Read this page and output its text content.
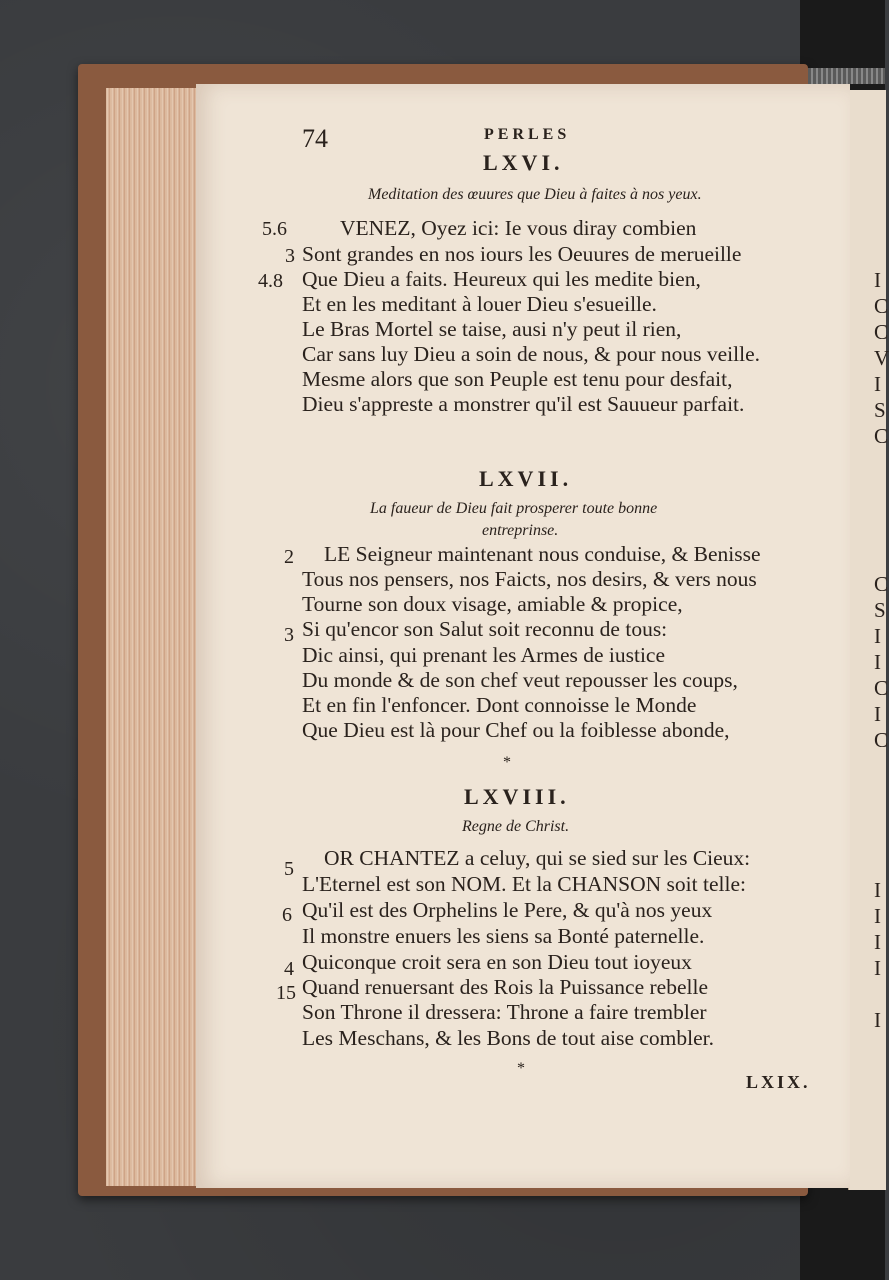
74	PERLES
LXVI.
Meditation des œuures que Dieu à faites à nos yeux.
5.6
3
4.8
VENEZ, Oyez ici: Ie vous diray combien
Sont grandes en nos iours les Oeuures de merueille
Que Dieu a faits. Heureux qui les medite bien,
Et en les meditant à louer Dieu s'esueille.
Le Bras Mortel se taise, ausi n'y peut il rien,
Car sans luy Dieu a soin de nous, & pour nous veille.
Mesme alors que son Peuple est tenu pour desfait,
Dieu s'appreste a monstrer qu'il est Sauueur parfait.
LXVII.
La faueur de Dieu fait prosperer toute bonne
entreprinse.
2
3
LE Seigneur maintenant nous conduise, & Benisse
Tous nos pensers, nos Faicts, nos desirs, & vers nous
Tourne son doux visage, amiable & propice,
Si qu'encor son Salut soit reconnu de tous:
Dic ainsi, qui prenant les Armes de iustice
Du monde & de son chef veut repousser les coups,
Et en fin l'enfoncer. Dont connoisse le Monde
Que Dieu est là pour Chef ou la foiblesse abonde,
*
LXVIII.
Regne de Christ.
5
6
4
15
OR CHANTEZ a celuy, qui se sied sur les Cieux:
L'Eternel est son NOM. Et la CHANSON soit telle:
Qu'il est des Orphelins le Pere, & qu'à nos yeux
Il monstre enuers les siens sa Bonté paternelle.
Quiconque croit sera en son Dieu tout ioyeux
Quand renuersant des Rois la Puissance rebelle
Son Throne il dressera: Throne a faire trembler
Les Meschans, & les Bons de tout aise combler.
*
LXIX.
I
C
C
V
I
S
C
C
S
I
I
C
I
C
I
I
I
I
I
